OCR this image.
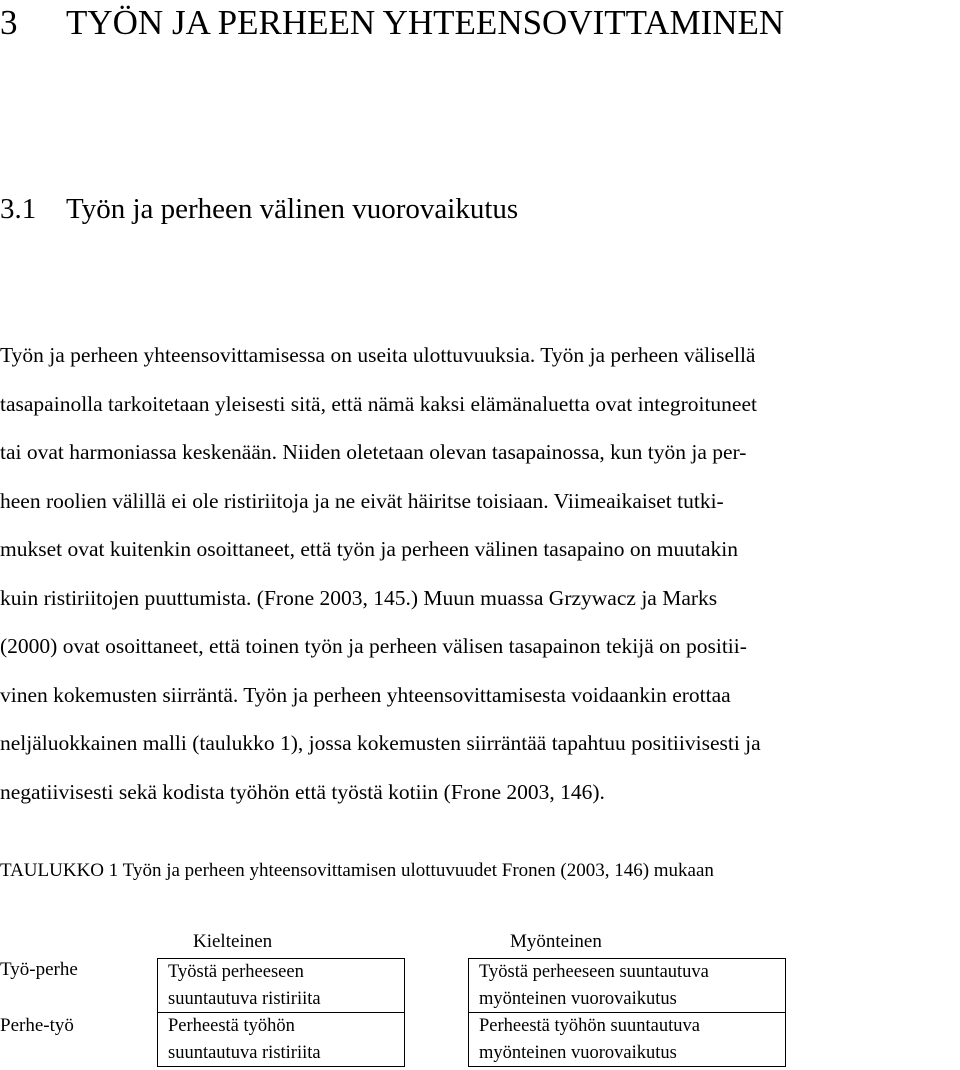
3 TYÖN JA PERHEEN YHTEENSOVITTAMINEN
3.1 Työn ja perheen välinen vuorovaikutus
Työn ja perheen yhteensovittamisessa on useita ulottuvuuksia. Työn ja perheen välisellä
tasapainolla tarkoitetaan yleisesti sitä, että nämä kaksi elämänaluetta ovat integroituneet
tai ovat harmoniassa keskenään. Niiden oletetaan olevan tasapainossa, kun työn ja per-
heen roolien välillä ei ole ristiriitoja ja ne eivät häiritse toisiaan. Viimeaikaiset tutki-
mukset ovat kuitenkin osoittaneet, että työn ja perheen välinen tasapaino on muutakin
kuin ristiriitojen puuttumista. (Frone 2003, 145.) Muun muassa Grzywacz ja Marks
(2000) ovat osoittaneet, että toinen työn ja perheen välisen tasapainon tekijä on positii-
vinen kokemusten siirräntä. Työn ja perheen yhteensovittamisesta voidaankin erottaa
neljäluokkainen malli (taulukko 1), jossa kokemusten siirräntää tapahtuu positiivisesti ja
negatiivisesti sekä kodista työhön että työstä kotiin (Frone 2003, 146).
TAULUKKO 1 Työn ja perheen yhteensovittamisen ulottuvuudet Fronen (2003, 146) mukaan
Kielteinen	Myönteinen
Työ-perhe
Perhe-työ
Työstä perheeseen
suuntautuva ristiriita
Perheestä työhön
suuntautuva ristiriita
Työstä perheeseen suuntautuva
myönteinen vuorovaikutus
Perheestä työhön suuntautuva
myönteinen vuorovaikutus
